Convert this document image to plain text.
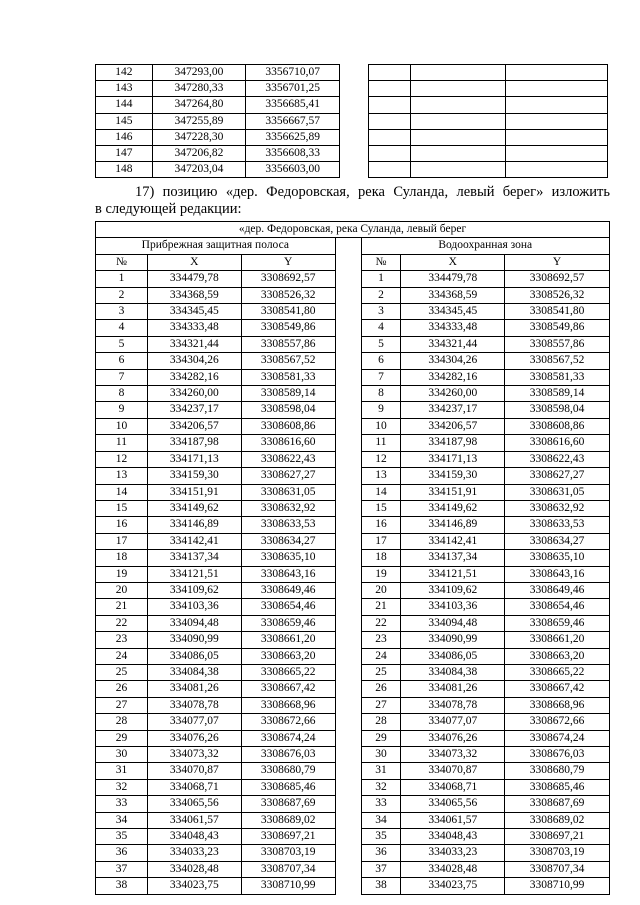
142	347293,00	3356710,07
143	347280,33	3356701,25
144	347264,80	3356685,41
145	347255,89	3356667,57
146	347228,30	3356625,89
147	347206,82	3356608,33
148	347203,04	3356603,00

17) позицию «дер. Федоровская, река Суланда, левый берег» изложить
в следующей редакции:
«дер. Федоровская, река Суланда, левый берег						
Прибрежная защитная полоса				Водоохранная зона		
№	X	Y		№	X	Y
1	334479,78	3308692,57		1	334479,78	3308692,57
2	334368,59	3308526,32		2	334368,59	3308526,32
3	334345,45	3308541,80		3	334345,45	3308541,80
4	334333,48	3308549,86		4	334333,48	3308549,86
5	334321,44	3308557,86		5	334321,44	3308557,86
6	334304,26	3308567,52		6	334304,26	3308567,52
7	334282,16	3308581,33		7	334282,16	3308581,33
8	334260,00	3308589,14		8	334260,00	3308589,14
9	334237,17	3308598,04		9	334237,17	3308598,04
10	334206,57	3308608,86		10	334206,57	3308608,86
11	334187,98	3308616,60		11	334187,98	3308616,60
12	334171,13	3308622,43		12	334171,13	3308622,43
13	334159,30	3308627,27		13	334159,30	3308627,27
14	334151,91	3308631,05		14	334151,91	3308631,05
15	334149,62	3308632,92		15	334149,62	3308632,92
16	334146,89	3308633,53		16	334146,89	3308633,53
17	334142,41	3308634,27		17	334142,41	3308634,27
18	334137,34	3308635,10		18	334137,34	3308635,10
19	334121,51	3308643,16		19	334121,51	3308643,16
20	334109,62	3308649,46		20	334109,62	3308649,46
21	334103,36	3308654,46		21	334103,36	3308654,46
22	334094,48	3308659,46		22	334094,48	3308659,46
23	334090,99	3308661,20		23	334090,99	3308661,20
24	334086,05	3308663,20		24	334086,05	3308663,20
25	334084,38	3308665,22		25	334084,38	3308665,22
26	334081,26	3308667,42		26	334081,26	3308667,42
27	334078,78	3308668,96		27	334078,78	3308668,96
28	334077,07	3308672,66		28	334077,07	3308672,66
29	334076,26	3308674,24		29	334076,26	3308674,24
30	334073,32	3308676,03		30	334073,32	3308676,03
31	334070,87	3308680,79		31	334070,87	3308680,79
32	334068,71	3308685,46		32	334068,71	3308685,46
33	334065,56	3308687,69		33	334065,56	3308687,69
34	334061,57	3308689,02		34	334061,57	3308689,02
35	334048,43	3308697,21		35	334048,43	3308697,21
36	334033,23	3308703,19		36	334033,23	3308703,19
37	334028,48	3308707,34		37	334028,48	3308707,34
38	334023,75	3308710,99		38	334023,75	3308710,99
